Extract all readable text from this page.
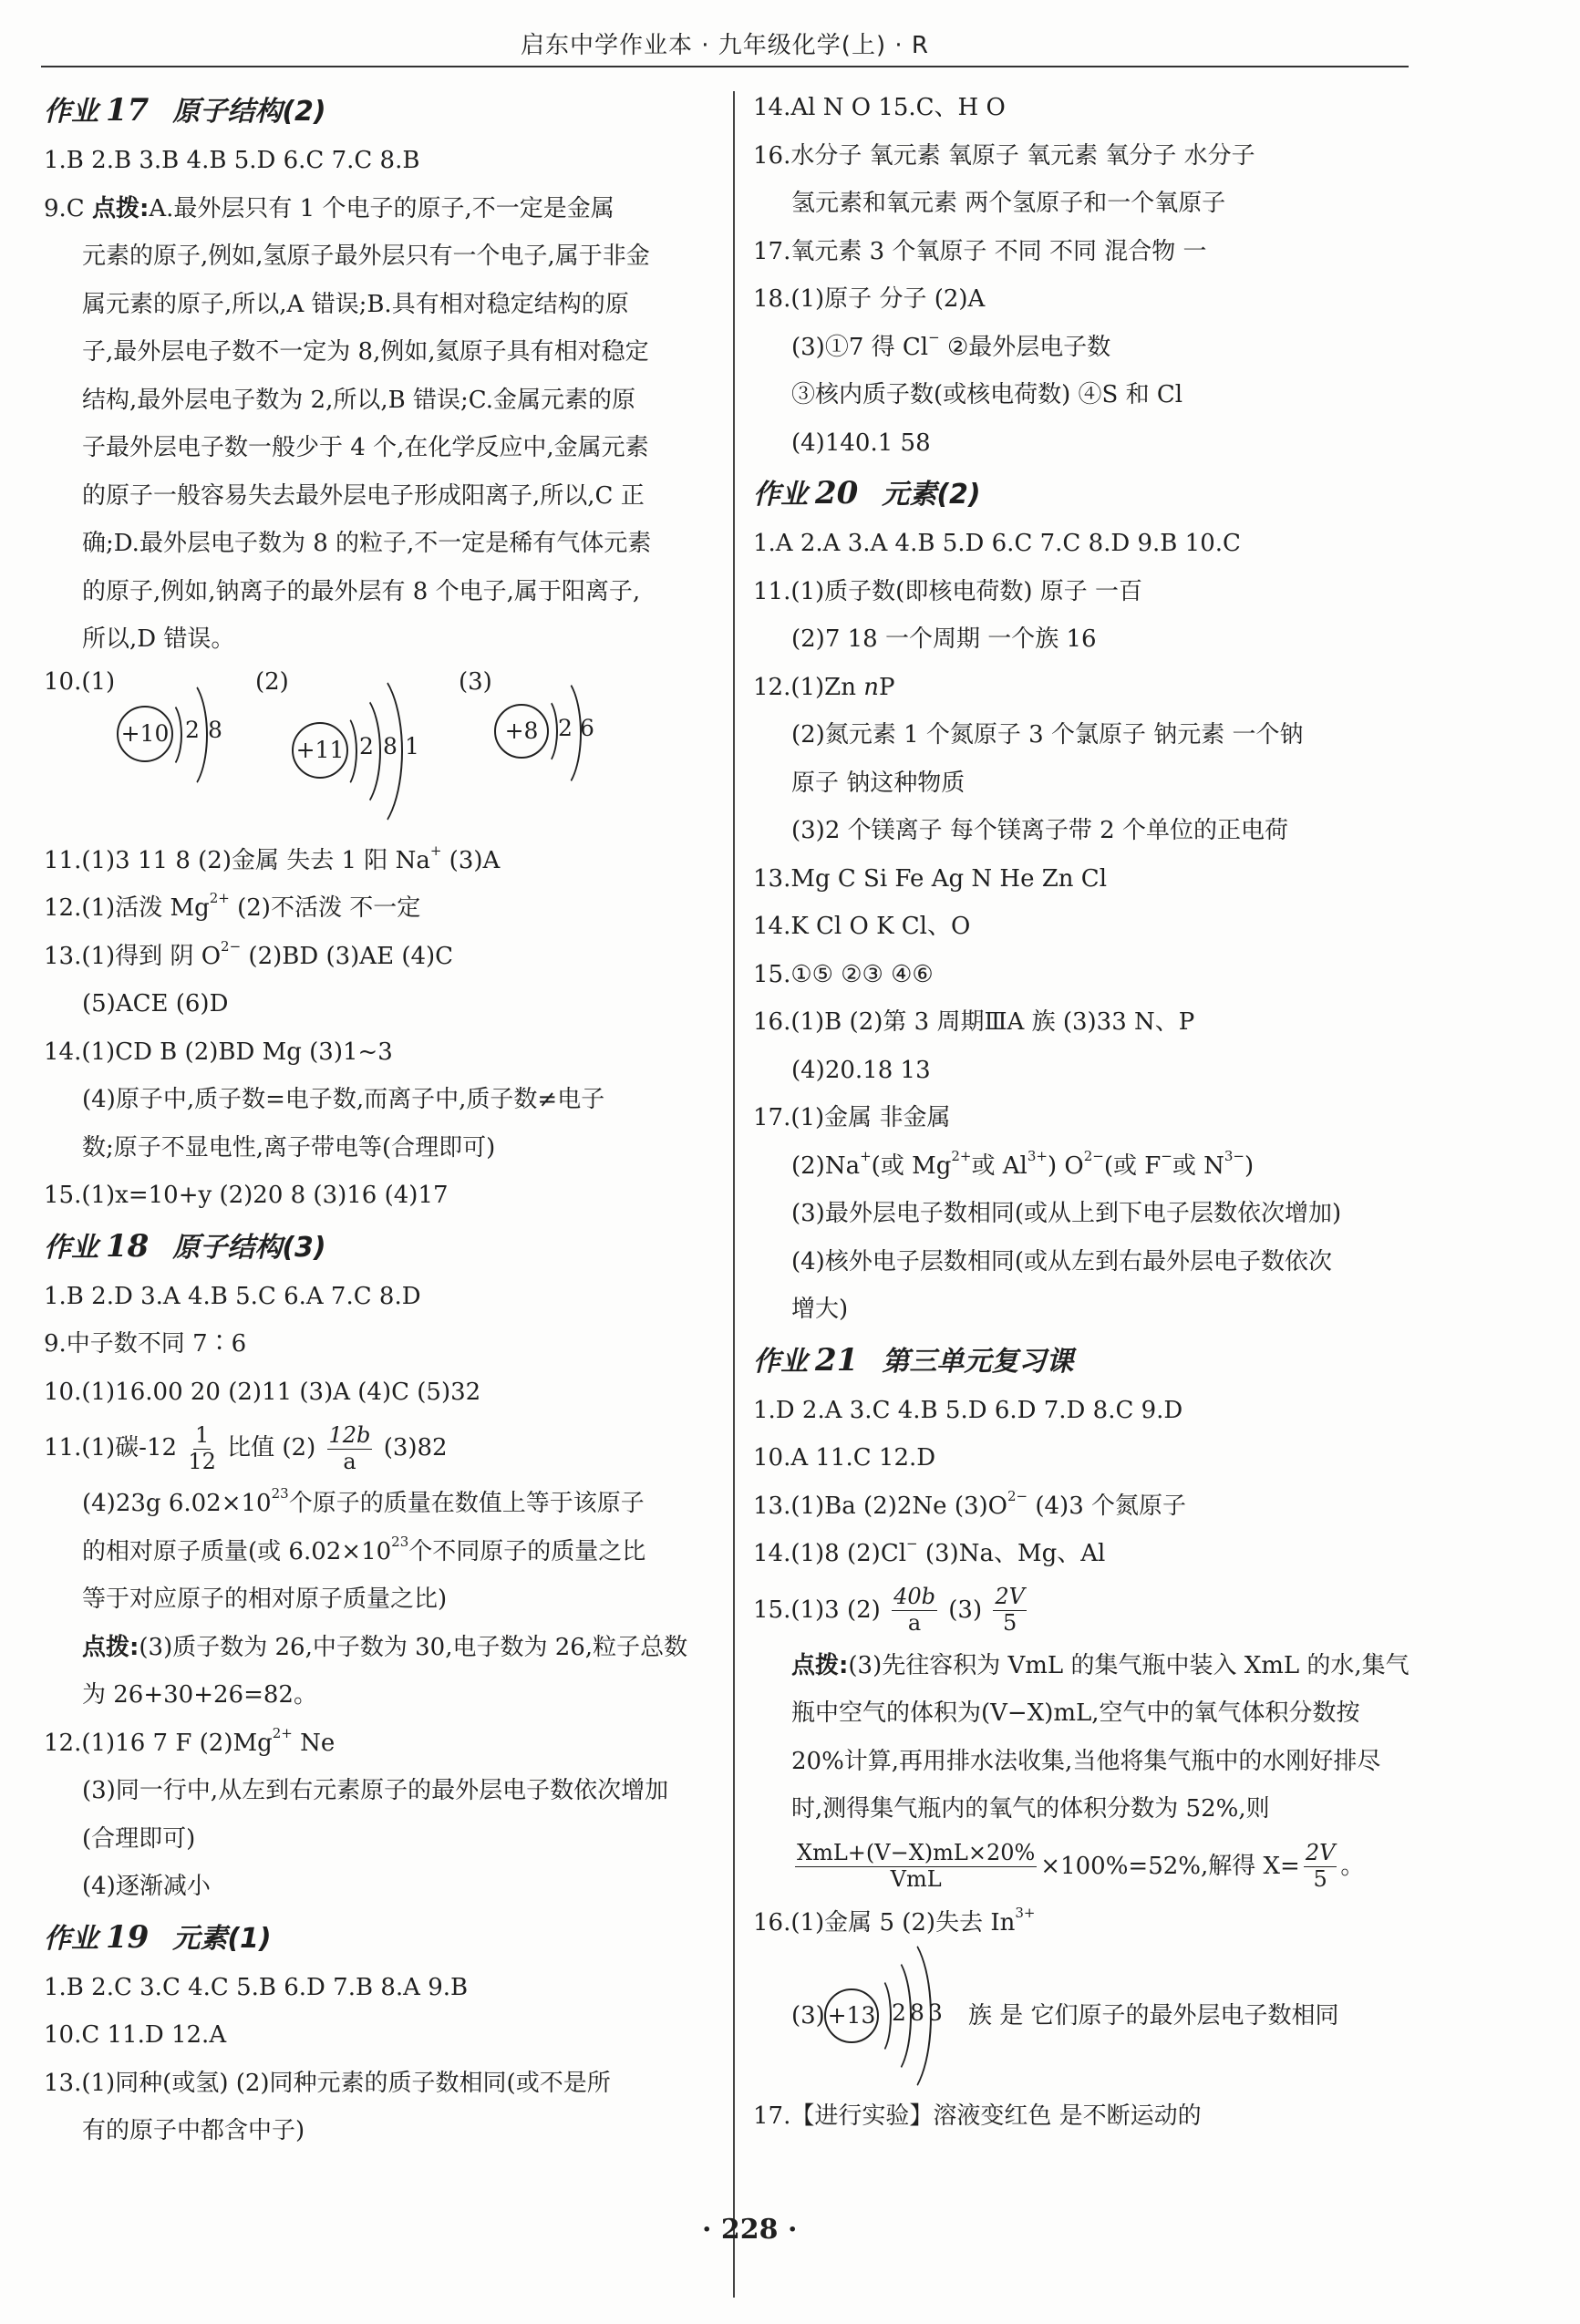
启东中学作业本 · 九年级化学(上) · R
作业 17 原子结构(2)
1.B 2.B 3.B 4.B 5.D 6.C 7.C 8.B
9.C 点拨:A.最外层只有 1 个电子的原子,不一定是金属
元素的原子,例如,氢原子最外层只有一个电子,属于非金
属元素的原子,所以,A 错误;B.具有相对稳定结构的原
子,最外层电子数不一定为 8,例如,氦原子具有相对稳定
结构,最外层电子数为 2,所以,B 错误;C.金属元素的原
子最外层电子数一般少于 4 个,在化学反应中,金属元素
的原子一般容易失去最外层电子形成阳离子,所以,C 正
确;D.最外层电子数为 8 的粒子,不一定是稀有气体元素
的原子,例如,钠离子的最外层有 8 个电子,属于阳离子,
所以,D 错误。
10.(1)	(2)	(3)
+10 2 8
+11 2 8 1
+8 2 6
11.(1)3 11 8 (2)金属 失去 1 阳 Na+ (3)A
12.(1)活泼 $Mg^{2+}$ (2)不活泼 不一定
13.(1)得到 阴 $O^{2-}$ (2)BD (3)AE (4)C
(5)ACE (6)D
14.(1)CD B (2)BD Mg (3)1~3
(4)原子中,质子数=电子数,而离子中,质子数≠电子
数;原子不显电性,离子带电等(合理即可)
15.(1)x=10+y (2)20 8 (3)16 (4)17
作业 18 原子结构(3)
1.B 2.D 3.A 4.B 5.C 6.A 7.C 8.D
9.中子数不同 7∶6
10.(1)16.00 20 (2)11 (3)A (4)C (5)32
11.(1)碳$-12 \frac{1}{12}$ 比值 $(2) \frac{12b}{a} (3)82$
(4)23g $6.02\times 10^{23}$个原子的质量在数值上等于该原子
的相对原子质量(或 $6.02\times 10^{23}$个不同原子的质量之比
等于对应原子的相对原子质量之比)
点拨:(3)质子数为 26,中子数为 30,电子数为 26,粒子总数
为 26+30+26=82。
12.(1)16 7 F $(2)Mg^{2+}$ Ne
(3)同一行中,从左到右元素原子的最外层电子数依次增加
(合理即可)
(4)逐渐减小
作业 19 元素(1)
1.B 2.C 3.C 4.C 5.B 6.D 7.B 8.A 9.B
10.C 11.D 12.A
13.(1)同种(或氢) (2)同种元素的质子数相同(或不是所
有的原子中都含中子)
14.Al N O 15.C、H O
16.水分子 氧元素 氧原子 氧元素 氧分子 水分子
氢元素和氧元素 两个氢原子和一个氧原子
17.氧元素 3 个氧原子 不同 不同 混合物 一
18.(1)原子 分子 (2)A
(3)①7 得 Cl− ②最外层电子数
③核内质子数(或核电荷数) ④S 和 Cl
(4)140.1 58
作业 20 元素(2)
1.A 2.A 3.A 4.B 5.D 6.C 7.C 8.D 9.B 10.C
11.(1)质子数(即核电荷数) 原子 一百
(2)7 18 一个周期 一个族 16
12.(1)Zn nP
(2)氮元素 1 个氮原子 3 个氯原子 钠元素 一个钠
原子 钠这种物质
(3)2 个镁离子 每个镁离子带 2 个单位的正电荷
13.Mg C Si Fe Ag N He Zn Cl
14.K Cl O K Cl、O
15.①⑤ ②③ ④⑥
16.(1)B (2)第 3 周期ⅢA 族 (3)33 N、P
(4)20.18 13
17.(1)金属 非金属
(2)Na+(或 $Mg^{2+}$或 $Al^{3+}$) $O^{2-}$(或 F−或 $N^{3-}$)
(3)最外层电子数相同(或从上到下电子层数依次增加)
(4)核外电子层数相同(或从左到右最外层电子数依次
增大)
作业 21 第三单元复习课
1.D 2.A 3.C 4.B 5.D 6.D 7.D 8.C 9.D
10.A 11.C 12.D
13.(1)Ba (2)2Ne $(3)O^{2-}$ (4)3 个氮原子
14.(1)8 (2)Cl− (3)Na、Mg、Al
15.(1)3 $(2) \frac{40b}{a} (3) \frac{2V}{5}$
点拨:(3)先往容积为 VmL 的集气瓶中装入 XmL 的水,集气
瓶中空气的体积为(V−X)mL,空气中的氧气体积分数按
20%计算,再用排水法收集,当他将集气瓶中的水刚好排尽
时,测得集气瓶内的氧气的体积分数为 52%,则
$\frac{\text{XmL+(V−X)mL×20\%}}{\text{VmL}} \times 100\%=52\%$,解得 $X= \frac{2V}{5}$ 。
16.(1)金属 5 (2)失去 $In^{3+}$
(3) +13 2 8 3 族 是 它们原子的最外层电子数相同
17.【进行实验】溶液变红色 是不断运动的
· 228 ·
